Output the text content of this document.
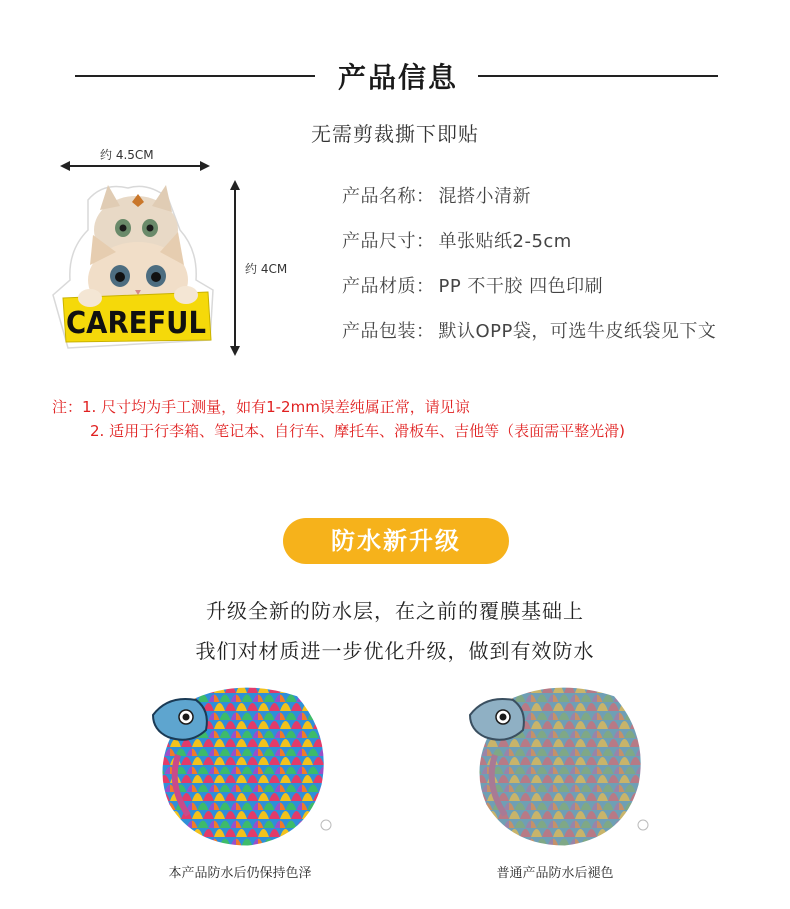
产品信息
无需剪裁撕下即贴
约 4.5CM
约 4CM
CAREFUL
产品名称： 混搭小清新
产品尺寸： 单张贴纸2-5cm
产品材质： PP 不干胶 四色印刷
产品包装： 默认OPP袋，可选牛皮纸袋见下文
注：1. 尺寸均为手工测量，如有1-2mm误差纯属正常，请见谅
2. 适用于行李箱、笔记本、自行车、摩托车、滑板车、吉他等（表面需平整光滑)
防水新升级
升级全新的防水层，在之前的覆膜基础上
我们对材质进一步优化升级，做到有效防水
本产品防水后仍保持色泽	普通产品防水后褪色
